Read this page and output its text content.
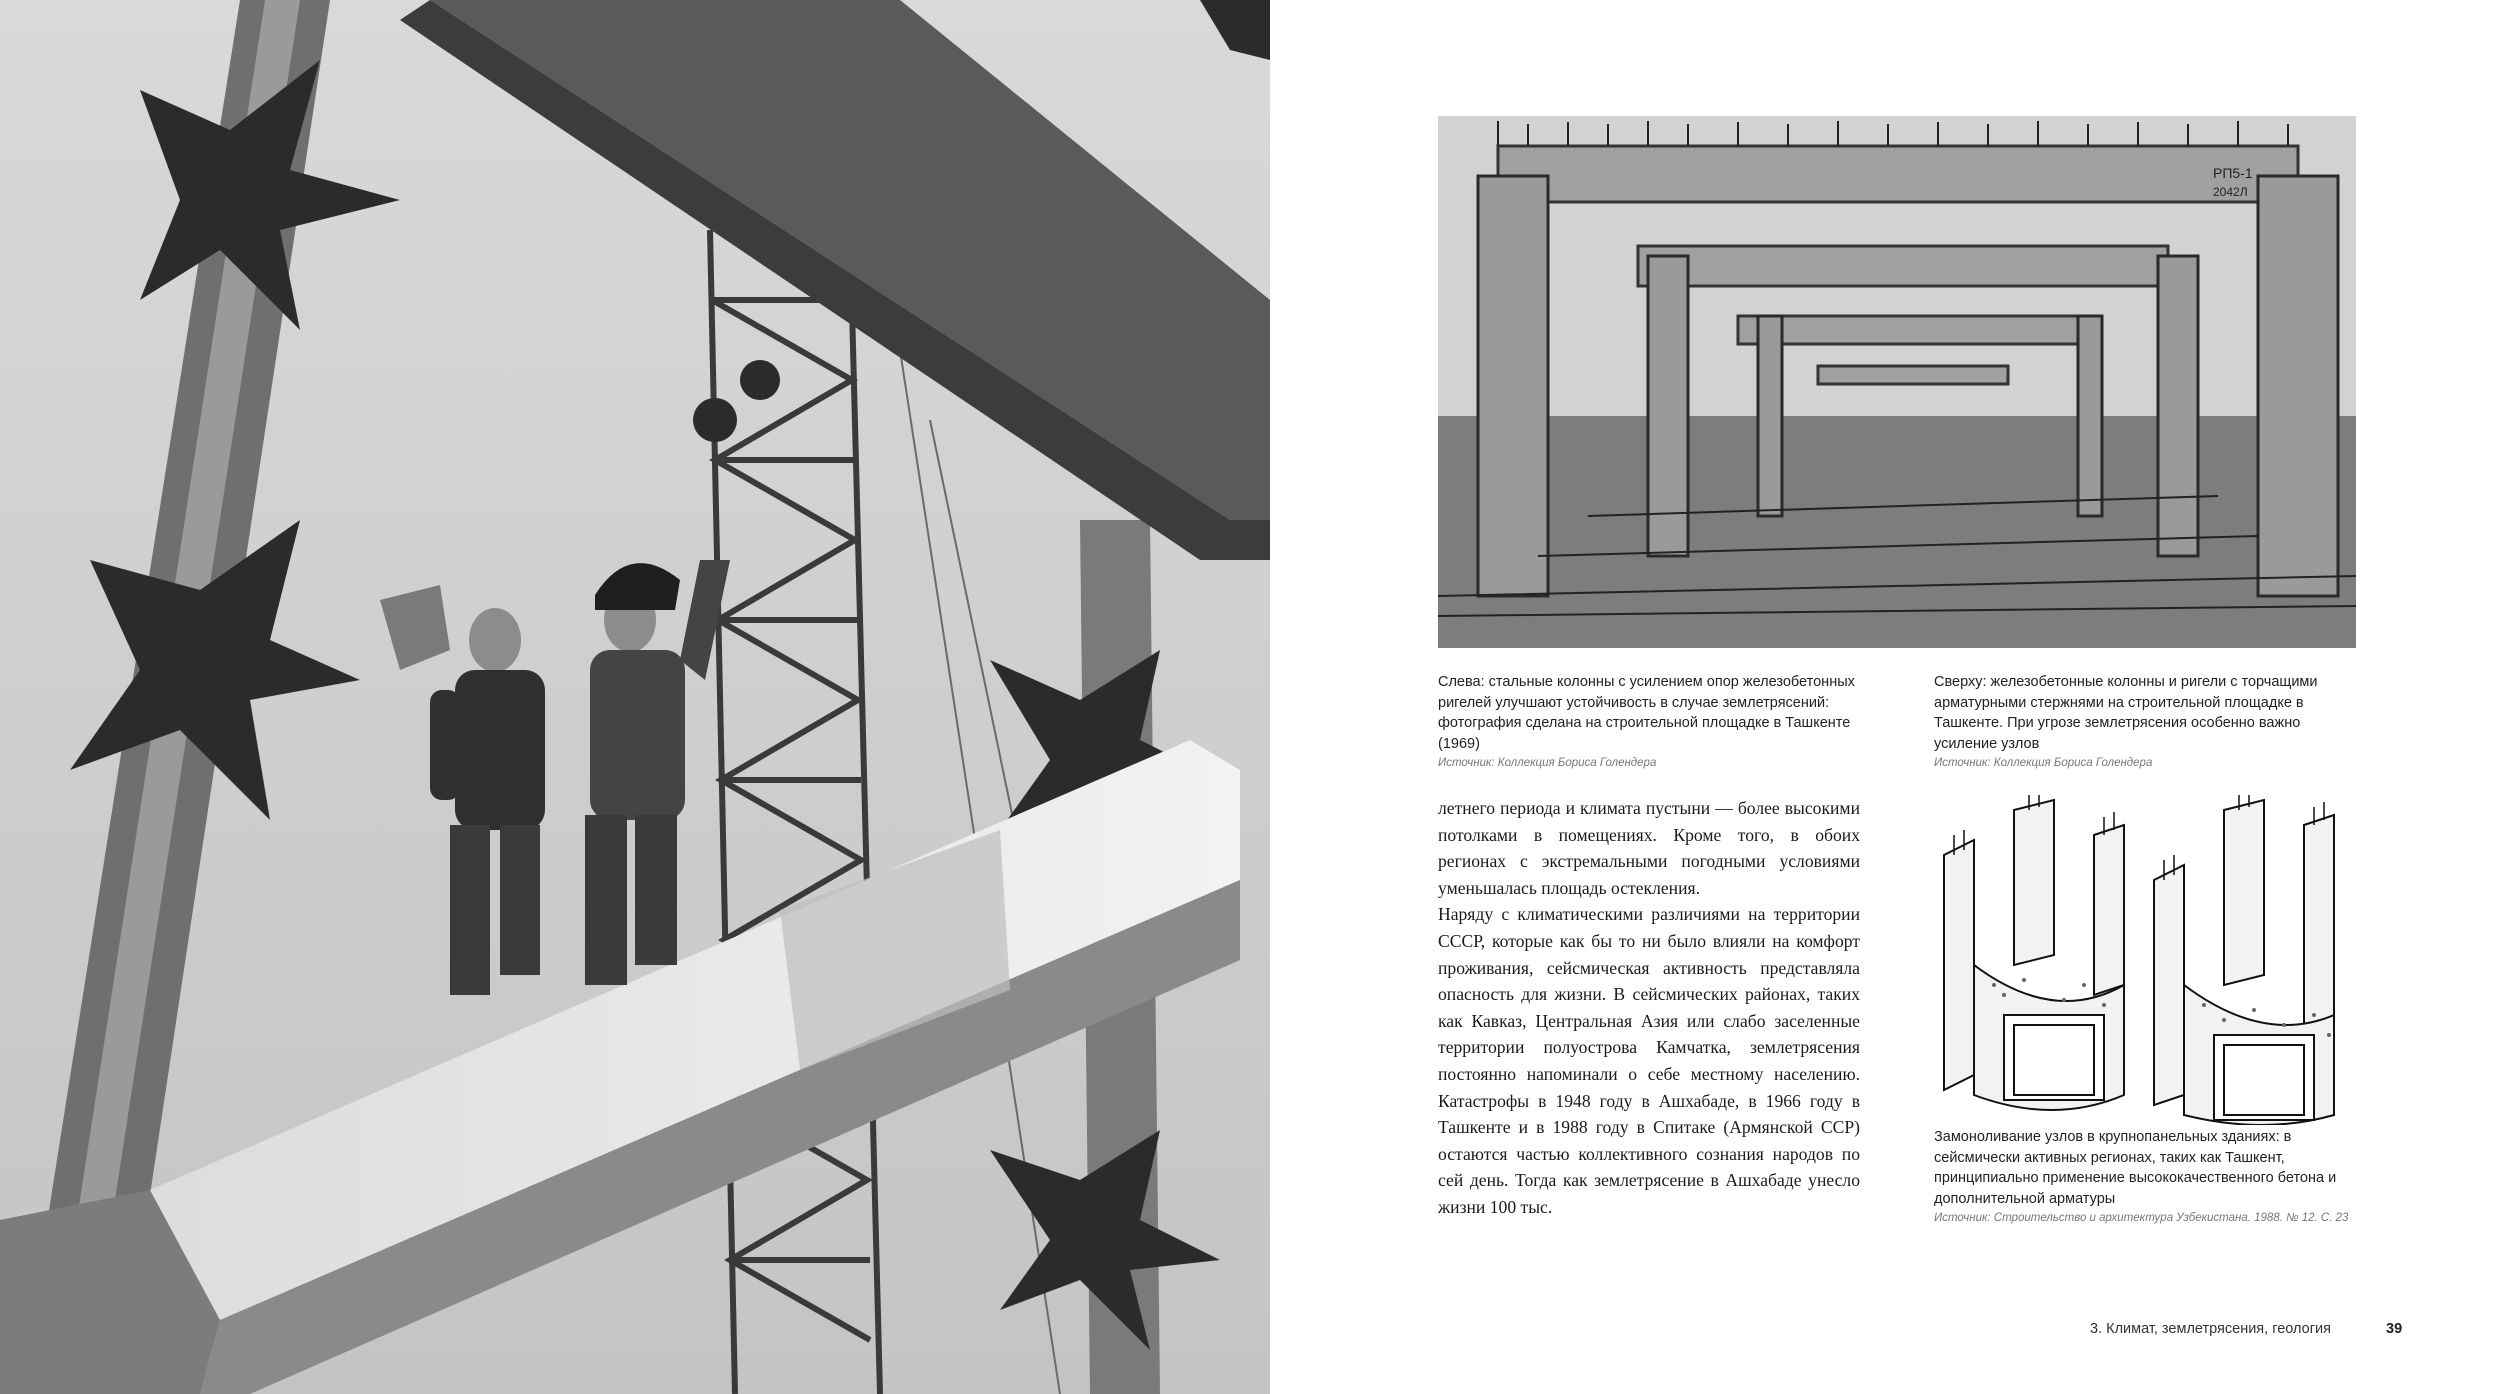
РП5-1
2042Л
Слева: стальные колонны с усилением опор железобетонных ригелей улучшают устойчивость в случае землетрясений: фотография сделана на строительной площадке в Ташкенте (1969)
Источник: Коллекция Бориса Голендера
Сверху: железобетонные колонны и ригели с торчащими арматурными стержнями на строительной площадке в Ташкенте. При угрозе землетрясения особенно важно усиление узлов
Источник: Коллекция Бориса Голендера

летнего периода и климата пустыни — более высокими потолками в помещениях. Кроме того, в обоих регионах с экстремальными погодными условиями уменьшалась площадь остекления.

Наряду с климатическими различиями на территории СССР, которые как бы то ни было влияли на комфорт проживания, сейсмическая активность представляла опасность для жизни. В сейсмических районах, таких как Кавказ, Центральная Азия или слабо заселенные территории полуострова Камчатка, землетрясения постоянно напоминали о себе местному населению. Катастрофы в 1948 году в Ашхабаде, в 1966 году в Ташкенте и в 1988 году в Спитаке (Армянской ССР) остаются частью коллективного сознания народов по сей день. Тогда как землетрясение в Ашхабаде унесло жизни 100 тыс.

Замоноливание узлов в крупнопанельных зданиях: в сейсмически активных регионах, таких как Ташкент, принципиально применение высококачественного бетона и дополнительной арматуры
Источник: Строительство и архитектура Узбекистана. 1988. № 12. С. 23
3. Климат, землетрясения, геология	39
